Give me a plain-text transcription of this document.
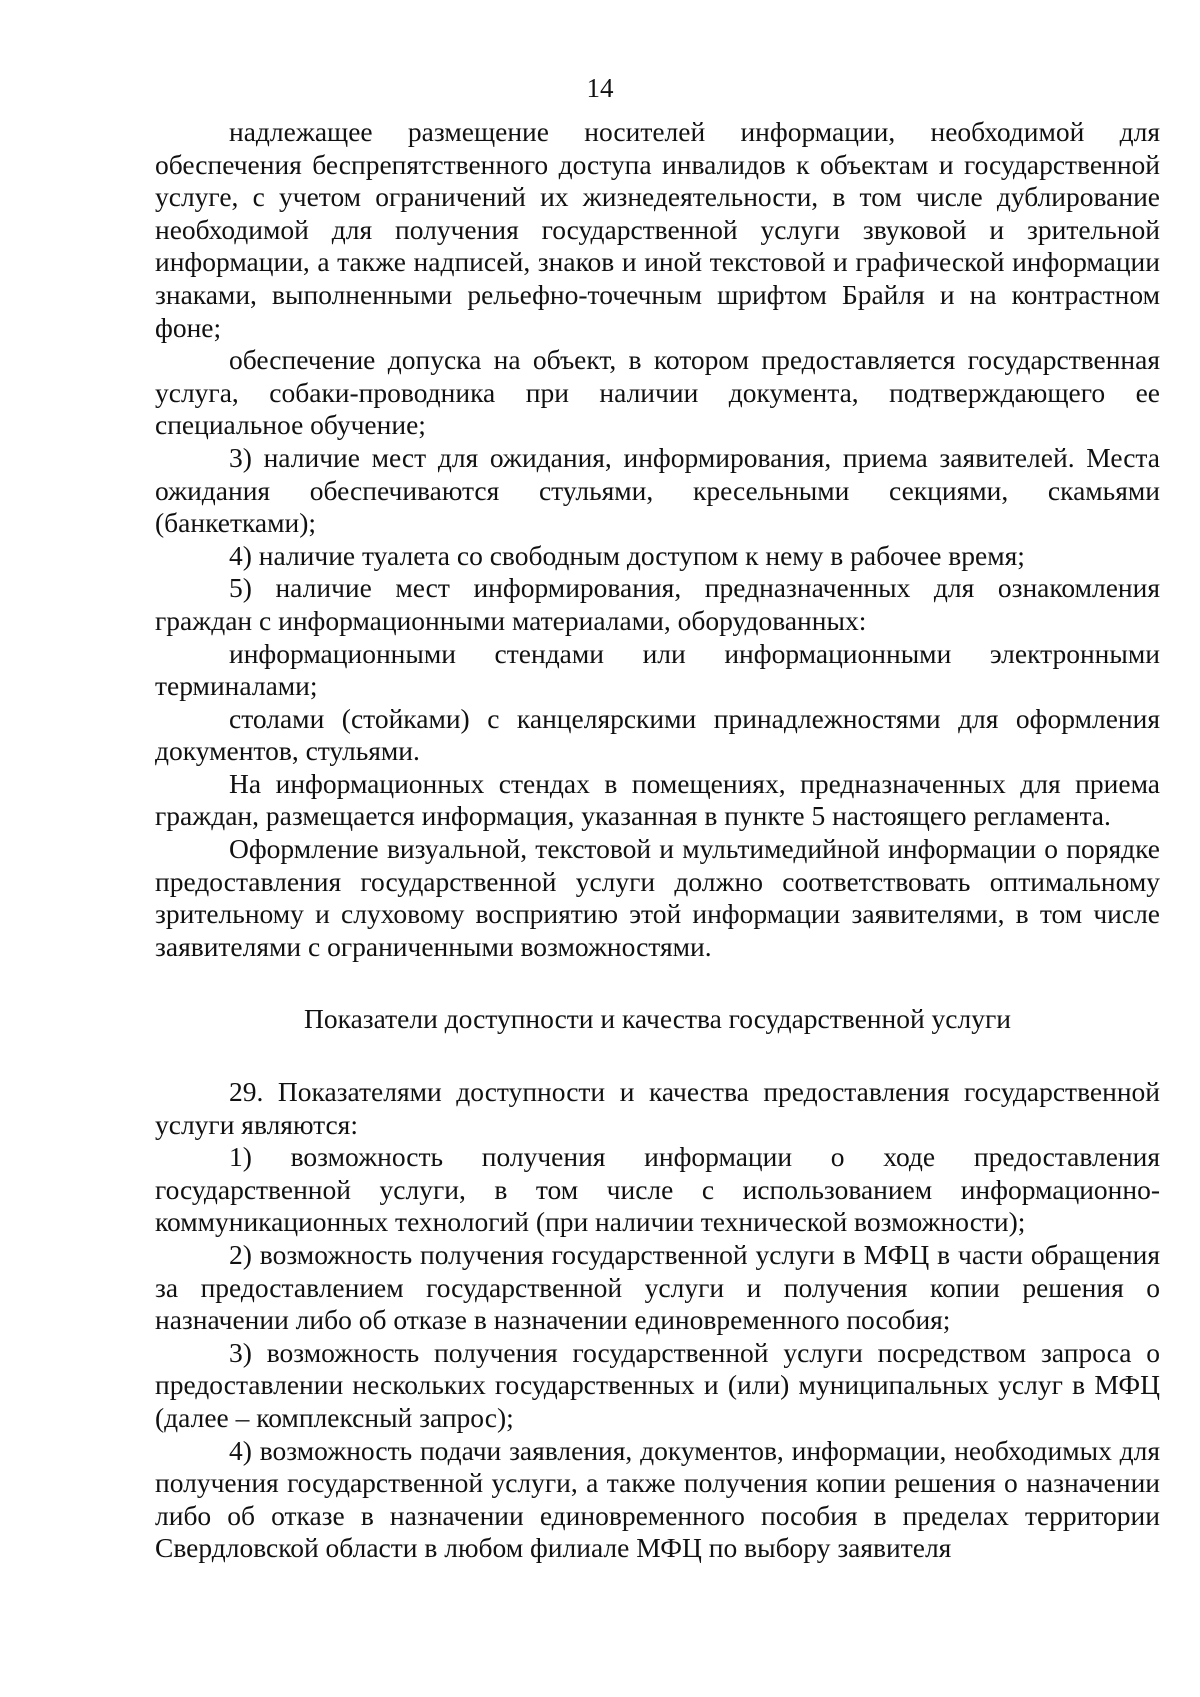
14

надлежащее размещение носителей информации, необходимой для обеспечения беспрепятственного доступа инвалидов к объектам и государственной услуге, с учетом ограничений их жизнедеятельности, в том числе дублирование необходимой для получения государственной услуги звуковой и зрительной информации, а также надписей, знаков и иной текстовой и графической информации знаками, выполненными рельефно-точечным шрифтом Брайля и на контрастном фоне;

обеспечение допуска на объект, в котором предоставляется государственная услуга, собаки-проводника при наличии документа, подтверждающего ее специальное обучение;

3) наличие мест для ожидания, информирования, приема заявителей. Места ожидания обеспечиваются стульями, кресельными секциями, скамьями (банкетками);

4) наличие туалета со свободным доступом к нему в рабочее время;

5) наличие мест информирования, предназначенных для ознакомления граждан с информационными материалами, оборудованных:

информационными стендами или информационными электронными терминалами;

столами (стойками) с канцелярскими принадлежностями для оформления документов, стульями.

На информационных стендах в помещениях, предназначенных для приема граждан, размещается информация, указанная в пункте 5 настоящего регламента.

Оформление визуальной, текстовой и мультимедийной информации о порядке предоставления государственной услуги должно соответствовать оптимальному зрительному и слуховому восприятию этой информации заявителями, в том числе заявителями с ограниченными возможностями.

Показатели доступности и качества государственной услуги

29. Показателями доступности и качества предоставления государственной услуги являются:

1) возможность получения информации о ходе предоставления государственной услуги, в том числе с использованием информационно-коммуникационных технологий (при наличии технической возможности);

2) возможность получения государственной услуги в МФЦ в части обращения за предоставлением государственной услуги и получения копии решения о назначении либо об отказе в назначении единовременного пособия;

3) возможность получения государственной услуги посредством запроса о предоставлении нескольких государственных и (или) муниципальных услуг в МФЦ (далее – комплексный запрос);

4) возможность подачи заявления, документов, информации, необходимых для получения государственной услуги, а также получения копии решения о назначении либо об отказе в назначении единовременного пособия в пределах территории Свердловской области в любом филиале МФЦ по выбору заявителя
